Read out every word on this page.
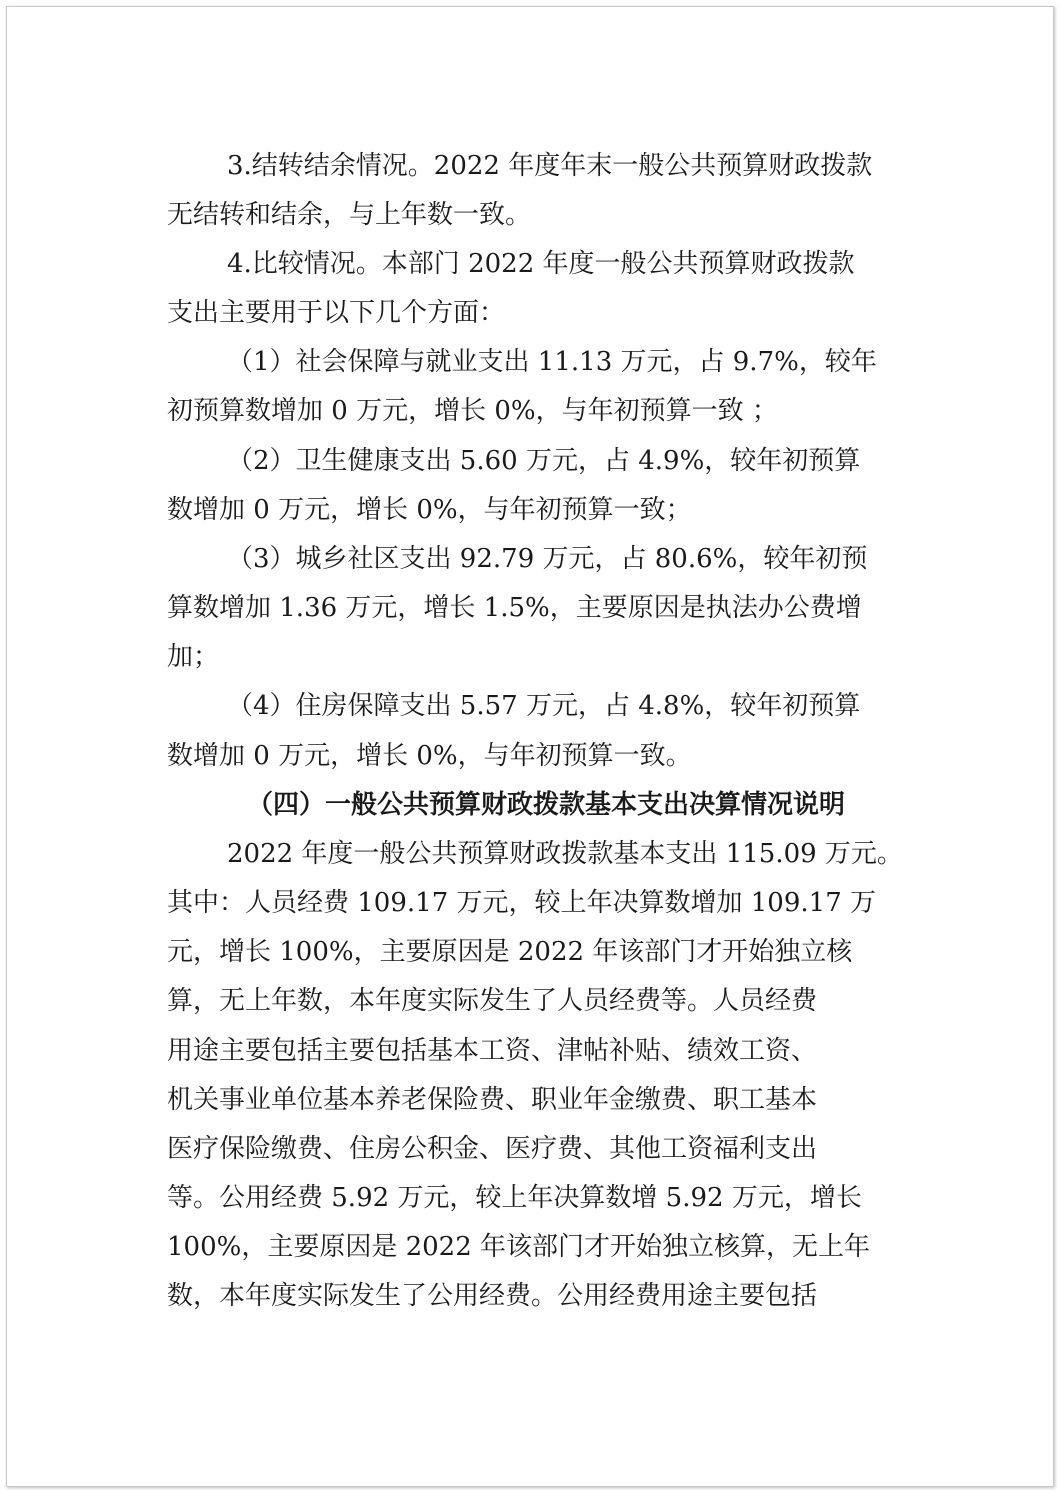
3.结转结余情况。2022 年度年末一般公共预算财政拨款
无结转和结余，与上年数一致。
4.比较情况。本部门 2022 年度一般公共预算财政拨款
支出主要用于以下几个方面：
（1）社会保障与就业支出 11.13 万元，占 9.7%，较年
初预算数增加 0 万元，增长 0%，与年初预算一致 ；
（2）卫生健康支出 5.60 万元，占 4.9%，较年初预算
数增加 0 万元，增长 0%，与年初预算一致；
（3）城乡社区支出 92.79 万元，占 80.6%，较年初预
算数增加 1.36 万元，增长 1.5%，主要原因是执法办公费增
加；
（4）住房保障支出 5.57 万元，占 4.8%，较年初预算
数增加 0 万元，增长 0%，与年初预算一致。
（四）一般公共预算财政拨款基本支出决算情况说明
2022 年度一般公共预算财政拨款基本支出 115.09 万元。
其中：人员经费 109.17 万元，较上年决算数增加 109.17 万
元，增长 100%，主要原因是 2022 年该部门才开始独立核
算，无上年数，本年度实际发生了人员经费等。人员经费
用途主要包括主要包括基本工资、津帖补贴、绩效工资、
机关事业单位基本养老保险费、职业年金缴费、职工基本
医疗保险缴费、住房公积金、医疗费、其他工资福利支出
等。公用经费 5.92 万元，较上年决算数增 5.92 万元，增长
100%，主要原因是 2022 年该部门才开始独立核算，无上年
数，本年度实际发生了公用经费。公用经费用途主要包括
